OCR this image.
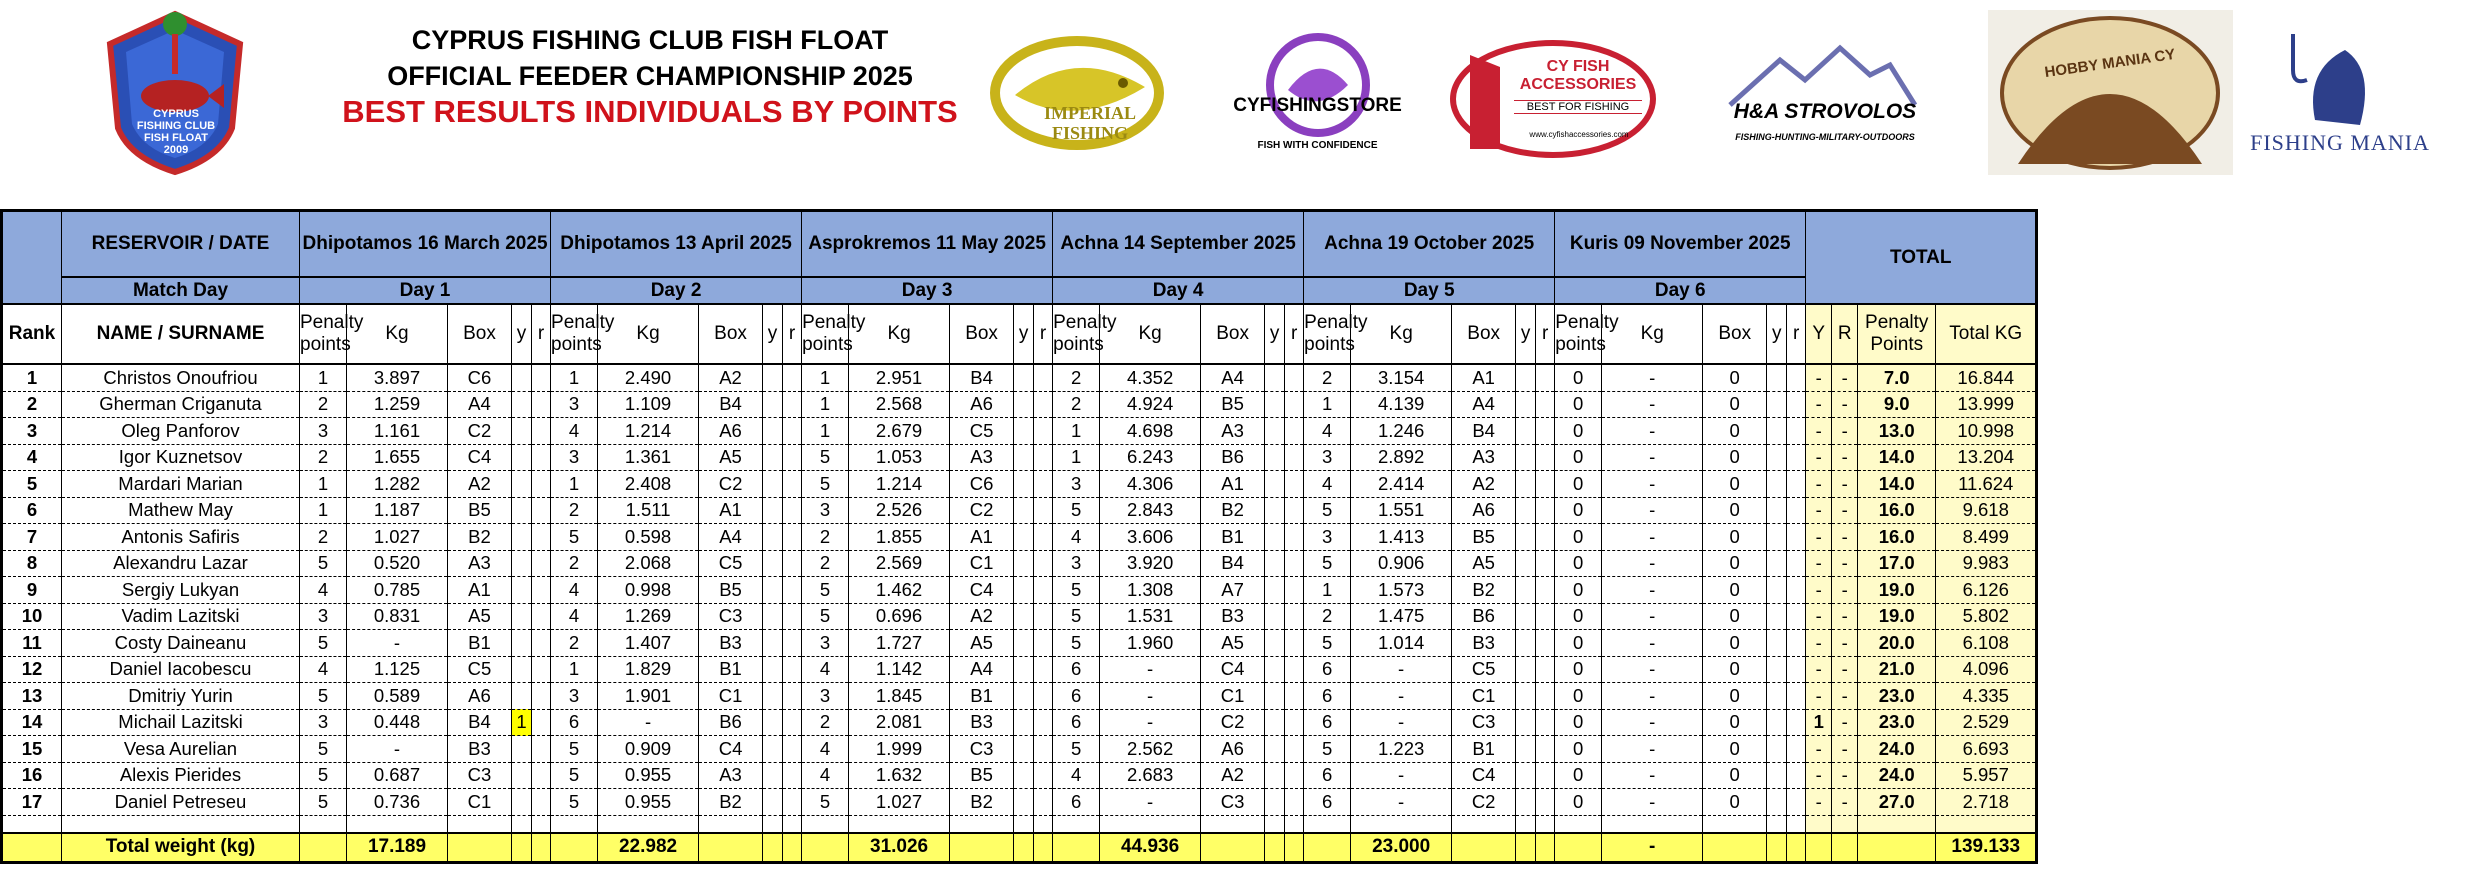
CYPRUS
FISHING CLUB
FISH FLOAT
2009
CYPRUS FISHING CLUB FISH FLOAT
OFFICIAL FEEDER CHAMPIONSHIP 2025
BEST RESULTS INDIVIDUALS BY POINTS	IMPERIAL FISHING
CYFISHINGSTORE
FISH WITH CONFIDENCE
CY FISH ACCESSORIES
BEST FOR FISHING
www.cyfishaccessories.com
H&A STROVOLOS
FISHING-HUNTING-MILITARY-OUTDOORS
HOBBY MANIA CY
FISHING MANIA
	RESERVOIR / DATE	Dhipotamos 16 March 2025					Dhipotamos 13 April 2025					Asprokremos 11 May 2025					Achna 14 September 2025					Achna 19 October 2025					Kuris 09 November 2025					TOTAL			
	Match Day	Day 1					Day 2					Day 3					Day 4					Day 5					Day 6								
Rank	NAME / SURNAME	Penalty points	Kg	Box	y	r	Penalty points	Kg	Box	y	r	Penalty points	Kg	Box	y	r	Penalty points	Kg	Box	y	r	Penalty points	Kg	Box	y	r	Penalty points	Kg	Box	y	r	Y	R	Penalty Points	Total KG
1	Christos Onoufriou	1	3.897	C6			1	2.490	A2			1	2.951	B4			2	4.352	A4			2	3.154	A1			0	-	0			-	-	7.0	16.844
2	Gherman Criganuta	2	1.259	A4			3	1.109	B4			1	2.568	A6			2	4.924	B5			1	4.139	A4			0	-	0			-	-	9.0	13.999
3	Oleg Panforov	3	1.161	C2			4	1.214	A6			1	2.679	C5			1	4.698	A3			4	1.246	B4			0	-	0			-	-	13.0	10.998
4	Igor Kuznetsov	2	1.655	C4			3	1.361	A5			5	1.053	A3			1	6.243	B6			3	2.892	A3			0	-	0			-	-	14.0	13.204
5	Mardari Marian	1	1.282	A2			1	2.408	C2			5	1.214	C6			3	4.306	A1			4	2.414	A2			0	-	0			-	-	14.0	11.624
6	Mathew May	1	1.187	B5			2	1.511	A1			3	2.526	C2			5	2.843	B2			5	1.551	A6			0	-	0			-	-	16.0	9.618
7	Antonis Safiris	2	1.027	B2			5	0.598	A4			2	1.855	A1			4	3.606	B1			3	1.413	B5			0	-	0			-	-	16.0	8.499
8	Alexandru Lazar	5	0.520	A3			2	2.068	C5			2	2.569	C1			3	3.920	B4			5	0.906	A5			0	-	0			-	-	17.0	9.983
9	Sergiy Lukyan	4	0.785	A1			4	0.998	B5			5	1.462	C4			5	1.308	A7			1	1.573	B2			0	-	0			-	-	19.0	6.126
10	Vadim Lazitski	3	0.831	A5			4	1.269	C3			5	0.696	A2			5	1.531	B3			2	1.475	B6			0	-	0			-	-	19.0	5.802
11	Costy Daineanu	5	-	B1			2	1.407	B3			3	1.727	A5			5	1.960	A5			5	1.014	B3			0	-	0			-	-	20.0	6.108
12	Daniel Iacobescu	4	1.125	C5			1	1.829	B1			4	1.142	A4			6	-	C4			6	-	C5			0	-	0			-	-	21.0	4.096
13	Dmitriy Yurin	5	0.589	A6			3	1.901	C1			3	1.845	B1			6	-	C1			6	-	C1			0	-	0			-	-	23.0	4.335
14	Michail Lazitski	3	0.448	B4	1		6	-	B6			2	2.081	B3			6	-	C2			6	-	C3			0	-	0			1	-	23.0	2.529
15	Vesa Aurelian	5	-	B3			5	0.909	C4			4	1.999	C3			5	2.562	A6			5	1.223	B1			0	-	0			-	-	24.0	6.693
16	Alexis Pierides	5	0.687	C3			5	0.955	A3			4	1.632	B5			4	2.683	A2			6	-	C4			0	-	0			-	-	24.0	5.957
17	Daniel Petreseu	5	0.736	C1			5	0.955	B2			5	1.027	B2			6	-	C3			6	-	C2			0	-	0			-	-	27.0	2.718

	Total weight (kg)		17.189					22.982					31.026					44.936					23.000					-							139.133
